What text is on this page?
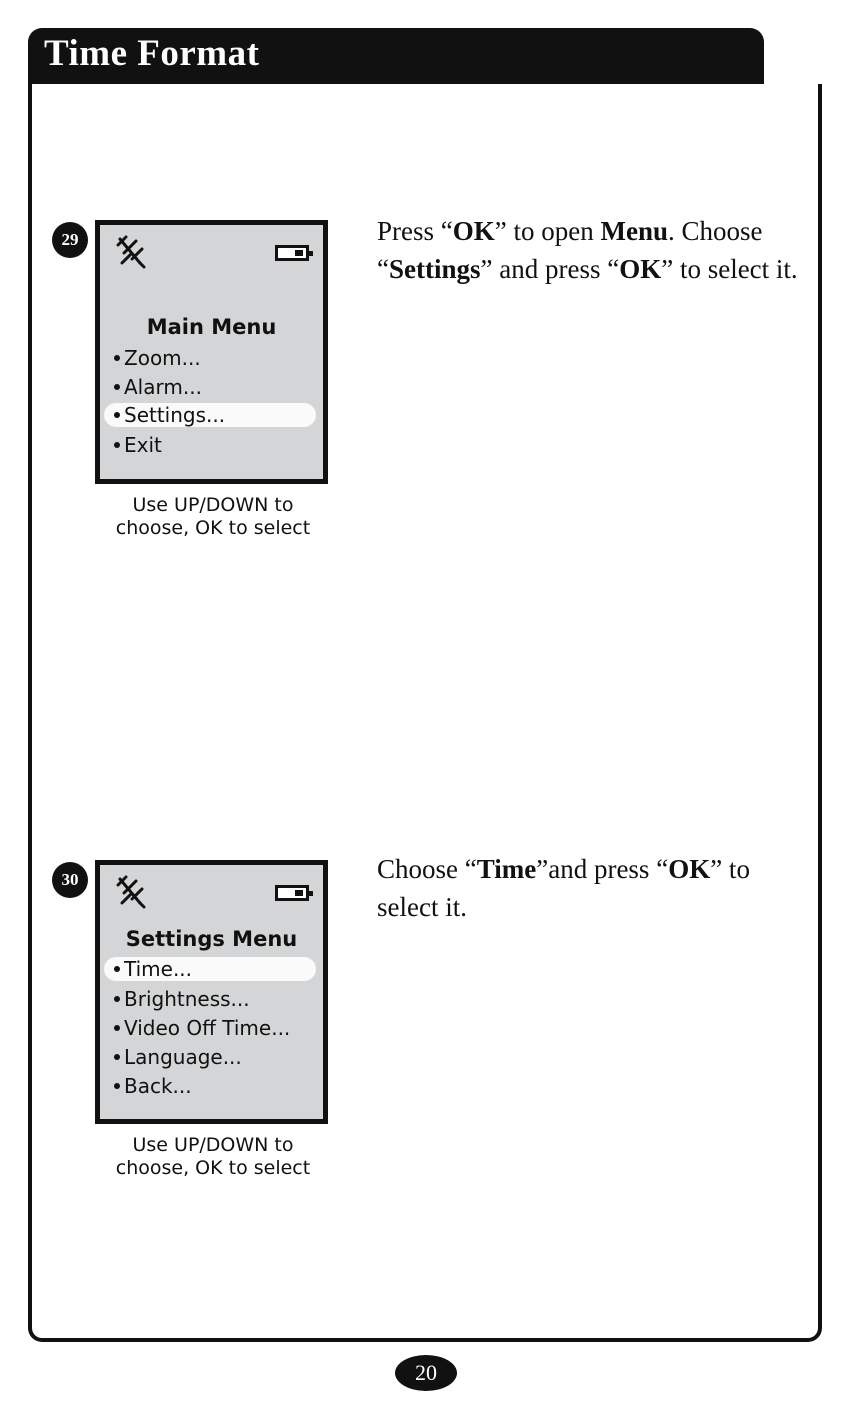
Time Format
29
Main Menu
Zoom...
Alarm...
Settings...
Exit
Use UP/DOWN to
choose, OK to select
Press “OK” to open Menu. Choose “Settings” and press “OK” to select it.
30
Settings Menu
Time...
Brightness...
Video Off Time...
Language...
Back...
Use UP/DOWN to
choose, OK to select
Choose “Time”and press “OK” to select it.
20
